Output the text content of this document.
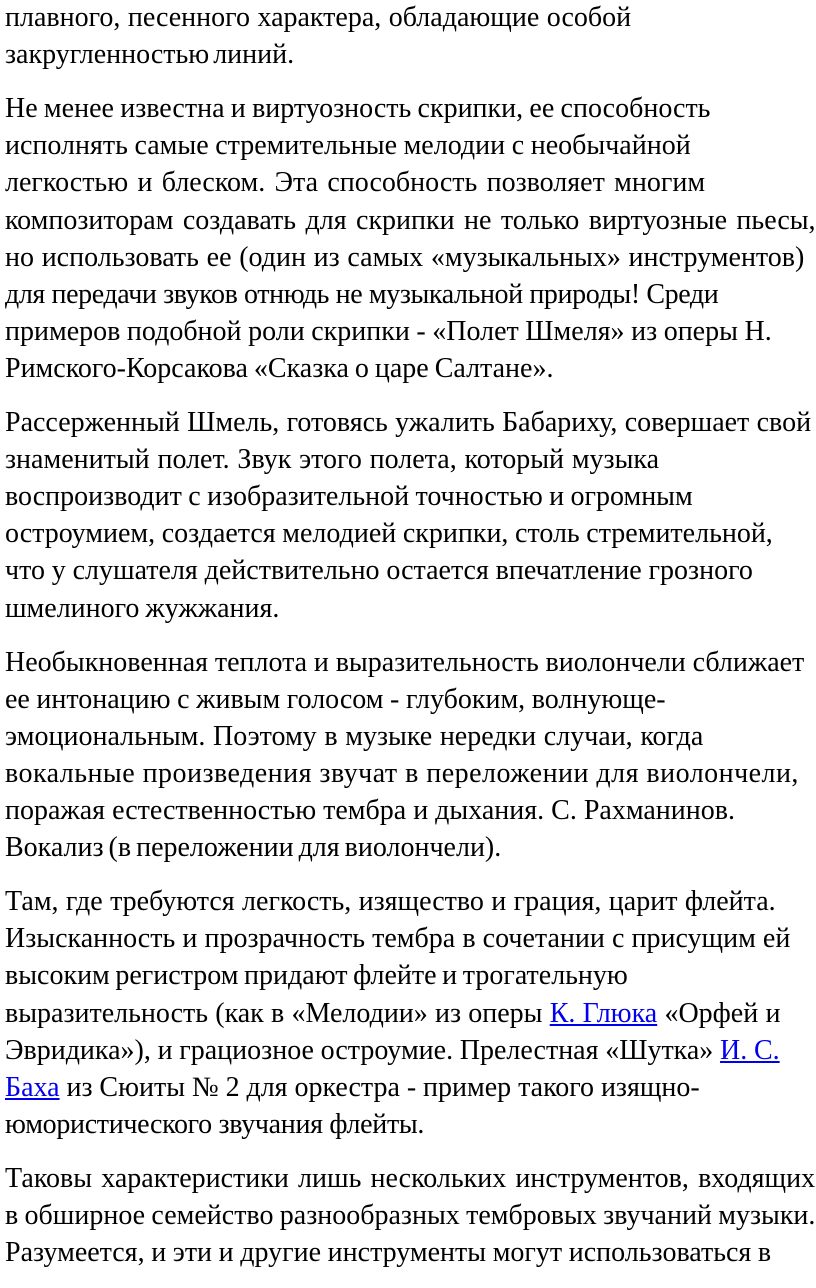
плавного, песенного характера, обладающие особой
закругленностью линий.
Не менее известна и виртуозность скрипки, ее способность
исполнять самые стремительные мелодии с необычайной
легкостью и блеском. Эта способность позволяет многим
композиторам создавать для скрипки не только виртуозные пьесы,
но использовать ее (один из самых «музыкальных» инструментов)
для передачи звуков отнюдь не музыкальной природы! Среди
примеров подобной роли скрипки - «Полет Шмеля» из оперы Н.
Римского-Корсакова «Сказка о царе Салтане».
Рассерженный Шмель, готовясь ужалить Бабариху, совершает свой
знаменитый полет. Звук этого полета, который музыка
воспроизводит с изобразительной точностью и огромным
остроумием, создается мелодией скрипки, столь стремительной,
что у слушателя действительно остается впечатление грозного
шмелиного жужжания.
Необыкновенная теплота и выразительность виолончели сближает
ее интонацию с живым голосом - глубоким, волнующе-
эмоциональным. Поэтому в музыке нередки случаи, когда
вокальные произведения звучат в переложении для виолончели,
поражая естественностью тембра и дыхания. С. Рахманинов.
Вокализ (в переложении для виолончели).
Там, где требуются легкость, изящество и грация, царит флейта.
Изысканность и прозрачность тембра в сочетании с присущим ей
высоким регистром придают флейте и трогательную
выразительность (как в «Мелодии» из оперы К. Глюка «Орфей и
Эвридика»), и грациозное остроумие. Прелестная «Шутка» И. С.
Баха из Сюиты № 2 для оркестра - пример такого изящно-
юмористического звучания флейты.
Таковы характеристики лишь нескольких инструментов, входящих
в обширное семейство разнообразных тембровых звучаний музыки.
Разумеется, и эти и другие инструменты могут использоваться в
